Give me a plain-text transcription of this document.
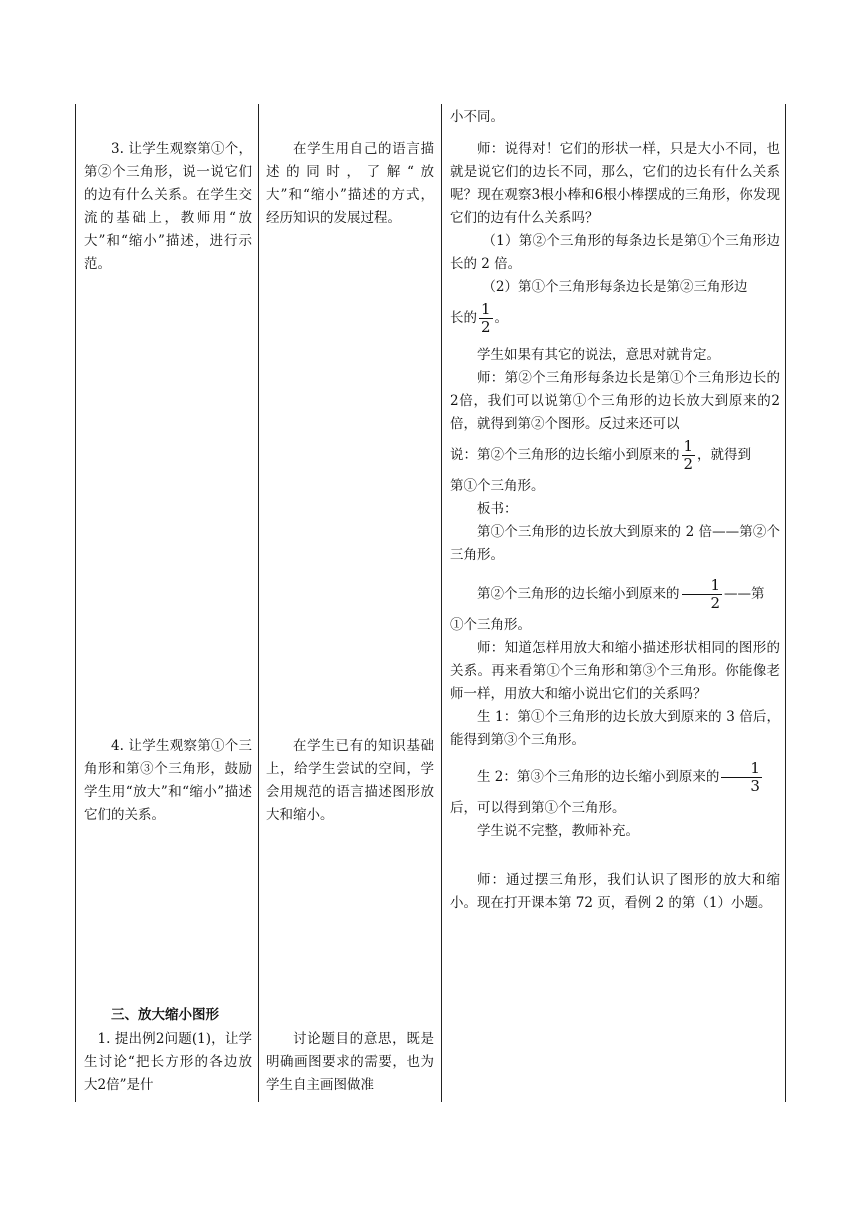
3. 让学生观察第①个，第②个三角形，说一说它们的边有什么关系。在学生交流的基础上，教师用“放大”和“缩小”描述，进行示范。

4. 让学生观察第①个三角形和第③个三角形，鼓励学生用“放大”和“缩小”描述它们的关系。

三、放大缩小图形

1. 提出例2问题(1)，让学生讨论“把长方形的各边放大2倍”是什

在学生用自己的语言描述的同时，了解“放大”和“缩小”描述的方式，经历知识的发展过程。

在学生已有的知识基础上，给学生尝试的空间，学会用规范的语言描述图形放大和缩小。

讨论题目的意思，既是明确画图要求的需要，也为学生自主画图做准

小不同。

师：说得对！它们的形状一样，只是大小不同，也就是说它们的边长不同，那么，它们的边长有什么关系呢？现在观察3根小棒和6根小棒摆成的三角形，你发现它们的边有什么关系吗？

（1）第②个三角形的每条边长是第①个三角形边长的 2 倍。

（2）第①个三角形每条边长是第②三角形边

长的 $\frac{1}{2}$ 。

学生如果有其它的说法，意思对就肯定。

师：第②个三角形每条边长是第①个三角形边长的2倍，我们可以说第①个三角形的边长放大到原来的2倍，就得到第②个图形。反过来还可以

说：第②个三角形的边长缩小到原来的 $\frac{1}{2}$ ，就得到

第①个三角形。

板书：

第①个三角形的边长放大到原来的 2 倍——第②个三角形。

第②个三角形的边长缩小到原来的 $\frac{1}{2}$ ——第

①个三角形。

师：知道怎样用放大和缩小描述形状相同的图形的关系。再来看第①个三角形和第③个三角形。你能像老师一样，用放大和缩小说出它们的关系吗？

生 1：第①个三角形的边长放大到原来的 3 倍后，能得到第③个三角形。

生 2：第③个三角形的边长缩小到原来的 $\frac{1}{3}$

后，可以得到第①个三角形。

学生说不完整，教师补充。

师：通过摆三角形，我们认识了图形的放大和缩小。现在打开课本第 72 页，看例 2 的第（1）小题。
